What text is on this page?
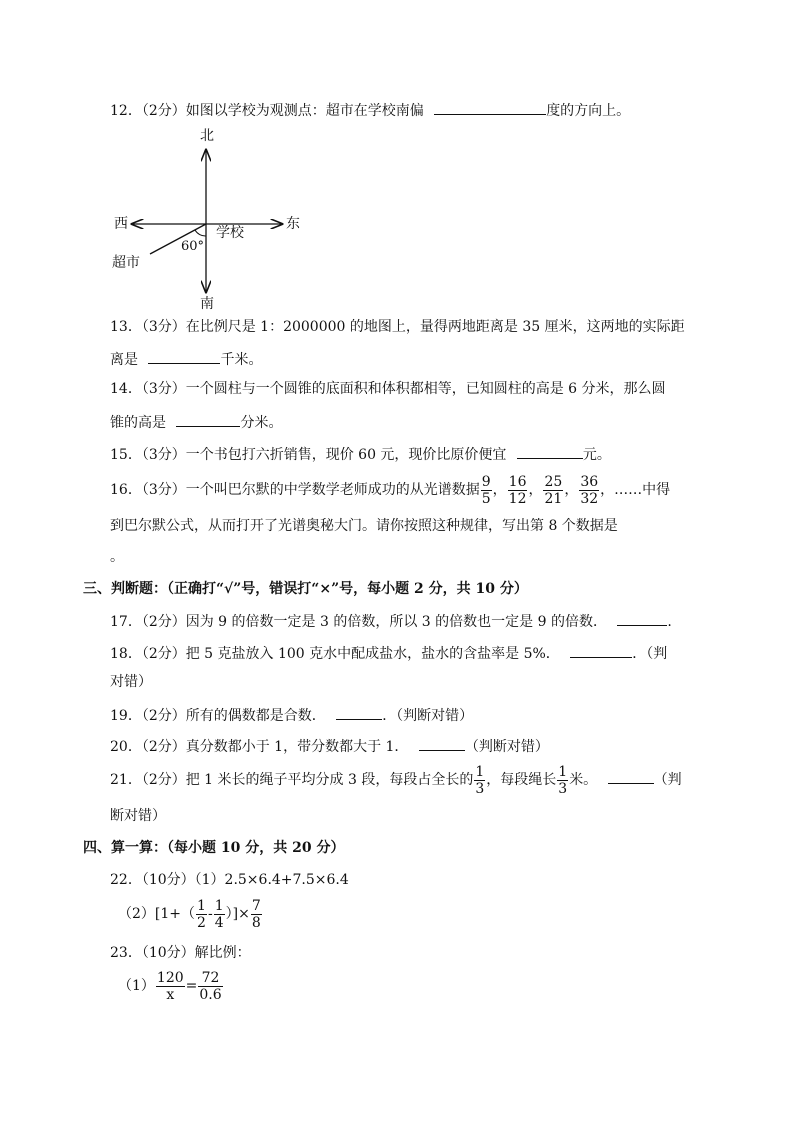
12．（2分）如图以学校为观测点：超市在学校南偏	度的方向上。
北
南
东
西
学校
超市
60°
13．（3分）在比例尺是 1：2000000 的地图上，量得两地距离是 35 厘米，这两地的实际距
离是	千米。
14．（3分）一个圆柱与一个圆锥的底面积和体积都相等，已知圆柱的高是 6 分米，那么圆
锥的高是	分米。
15．（3分）一个书包打六折销售，现价 60 元，现价比原价便宜	元。
16．（3分）一个叫巴尔默的中学数学老师成功的从光谱数据 $\frac{9}{5}$ ， $\frac{16}{12}$ ， $\frac{25}{21}$ ， $\frac{36}{32}$ ，……中得
到巴尔默公式，从而打开了光谱奥秘大门。请你按照这种规律，写出第 8 个数据是
。
三、判断题：（正确打“√”号，错误打“×”号，每小题 2 分，共 10 分）
17．（2分）因为 9 的倍数一定是 3 的倍数，所以 3 的倍数也一定是 9 的倍数．	.
18．（2分）把 5 克盐放入 100 克水中配成盐水，盐水的含盐率是 5%．	．（判
对错）
19．（2分）所有的偶数都是合数．	．（判断对错）
20．（2分）真分数都小于 1，带分数都大于 1．	（判断对错）
21．（2分）把 1 米长的绳子平均分成 3 段，每段占全长的 $\frac{1}{3}$ ，每段绳长 $\frac{1}{3}$ 米。	（判
断对错）
四、算一算：（每小题 10 分，共 20 分）
22．（10分）（1）2.5×6.4+7.5×6.4
$(2)[1+( \frac{1}{2} - \frac{1}{4}$ ）]× $\frac{7}{8}$
23．（10分）解比例：
$(1) \frac{120}{x} = \frac{72}{0.6}$
